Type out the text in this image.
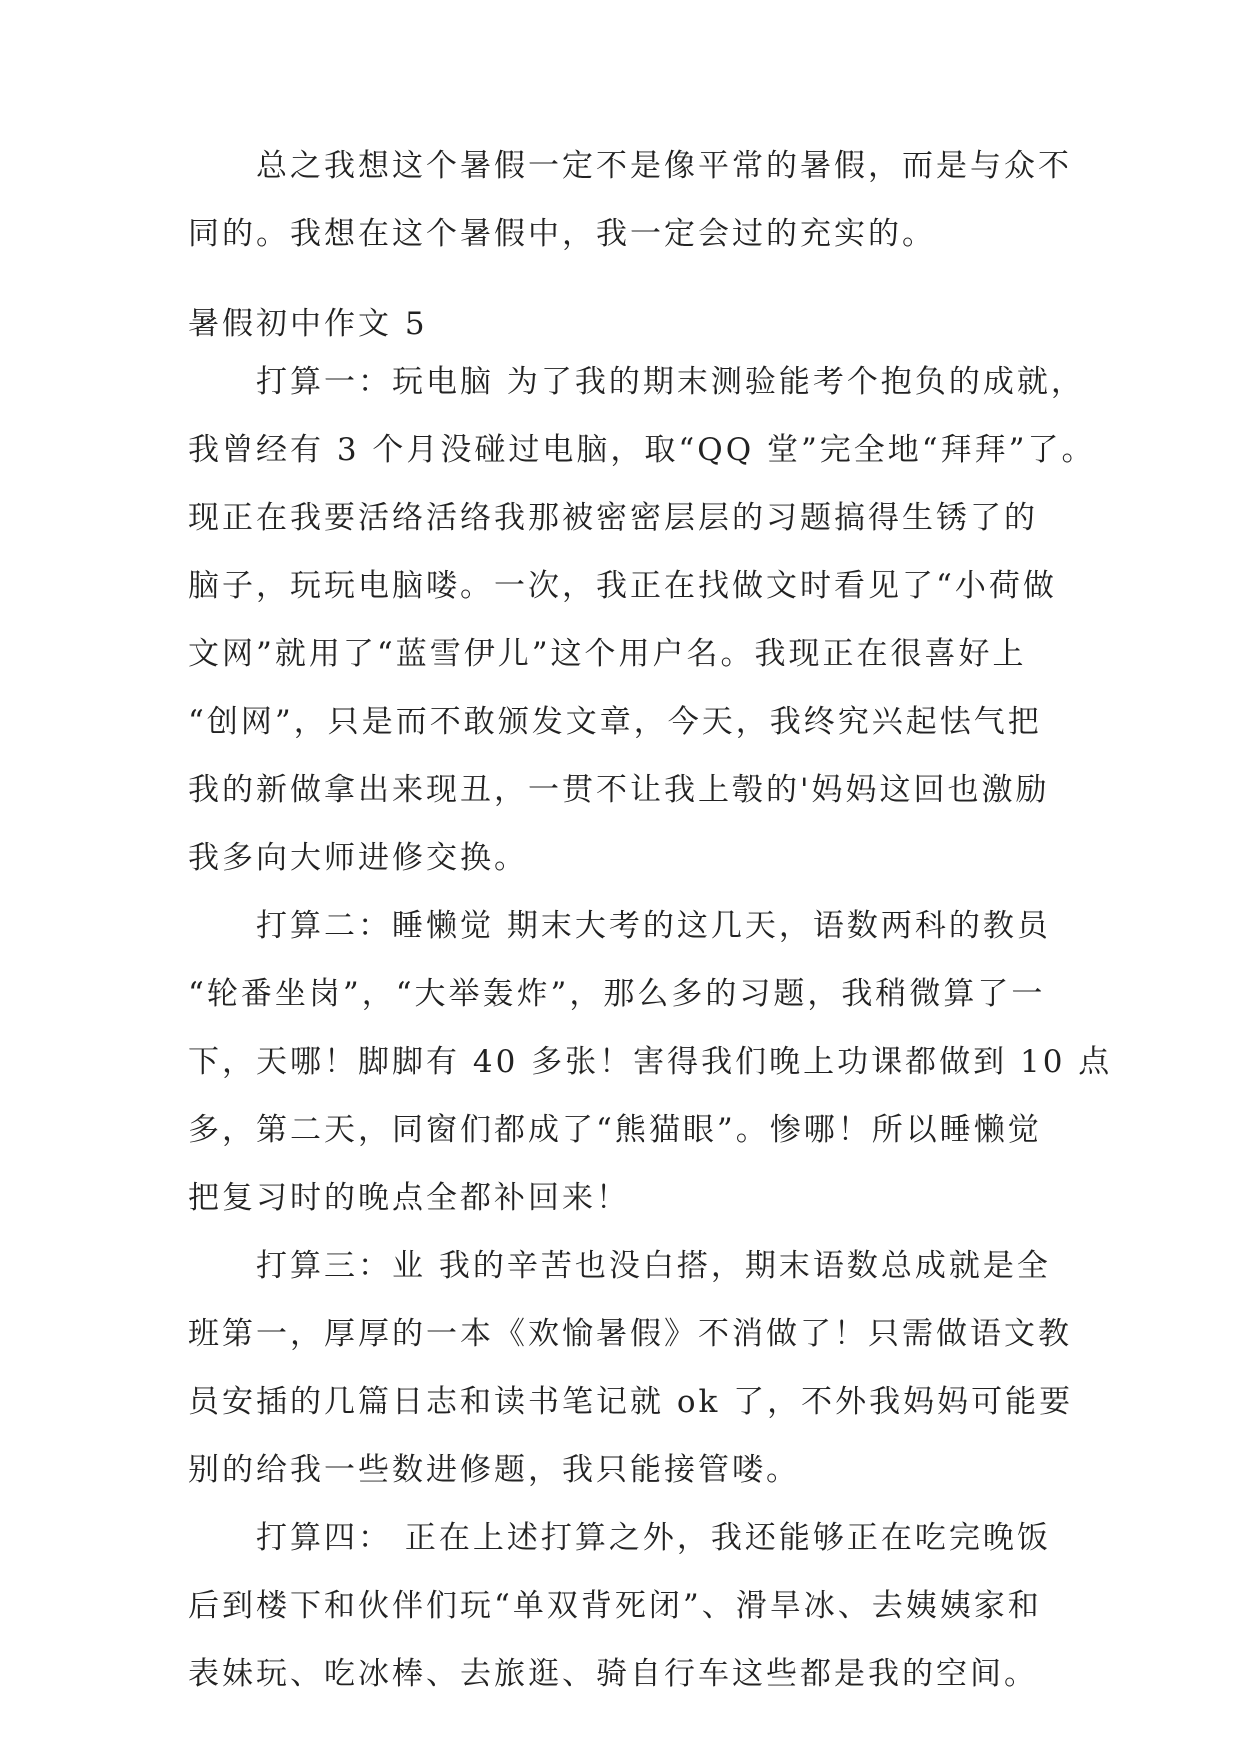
总之我想这个暑假一定不是像平常的暑假，而是与众不
同的。我想在这个暑假中，我一定会过的充实的。
暑假初中作文 5
打算一：玩电脑 为了我的期末测验能考个抱负的成就，
我曾经有 3 个月没碰过电脑，取“QQ 堂”完全地“拜拜”了。
现正在我要活络活络我那被密密层层的习题搞得生锈了的
脑子，玩玩电脑喽。一次，我正在找做文时看见了“小荷做
文网”就用了“蓝雪伊儿”这个用户名。我现正在很喜好上
“创网”，只是而不敢颁发文章，今天，我终究兴起怯气把
我的新做拿出来现丑，一贯不让我上彀的'妈妈这回也激励
我多向大师进修交换。
打算二：睡懒觉 期末大考的这几天，语数两科的教员
“轮番坐岗”，“大举轰炸”，那么多的习题，我稍微算了一
下，天哪！脚脚有 40 多张！害得我们晚上功课都做到 10 点
多，第二天，同窗们都成了“熊猫眼”。惨哪！所以睡懒觉
把复习时的晚点全都补回来！
打算三：业 我的辛苦也没白搭，期末语数总成就是全
班第一，厚厚的一本《欢愉暑假》不消做了！只需做语文教
员安插的几篇日志和读书笔记就 ok 了，不外我妈妈可能要
别的给我一些数进修题，我只能接管喽。
打算四： 正在上述打算之外，我还能够正在吃完晚饭
后到楼下和伙伴们玩“单双背死闭”、滑旱冰、去姨姨家和
表妹玩、吃冰棒、去旅逛、骑自行车这些都是我的空间。
